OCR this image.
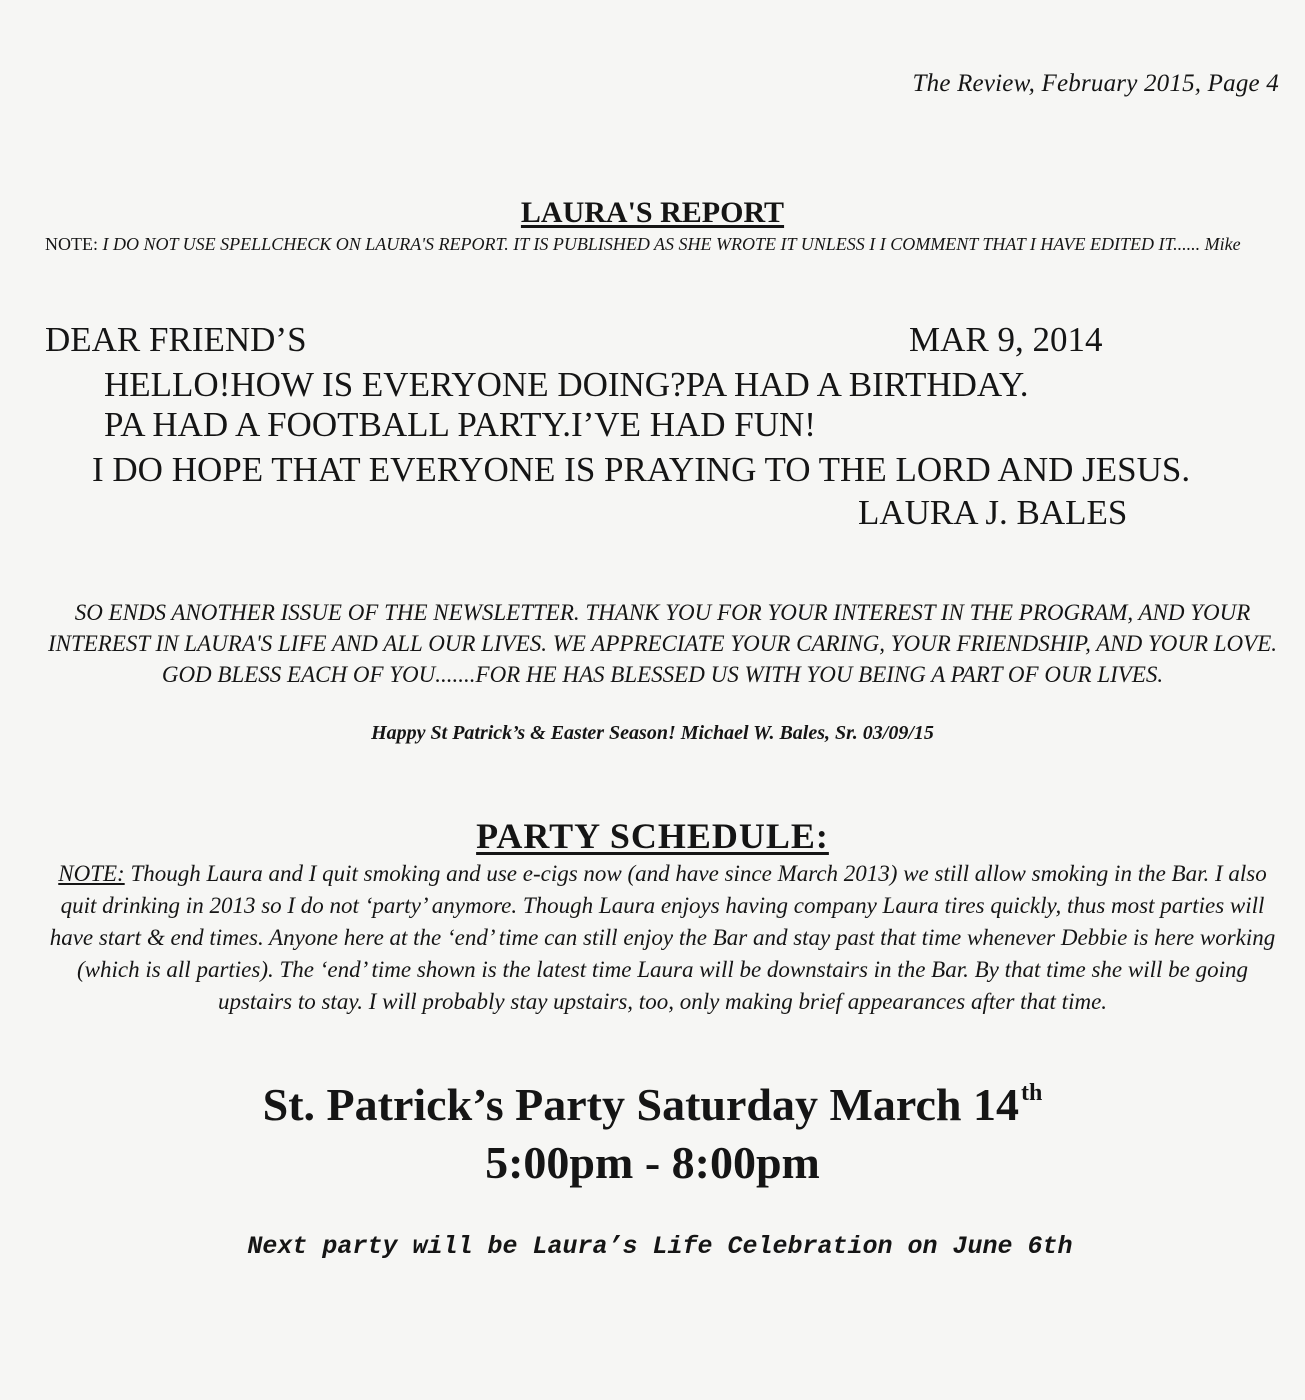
The Review, February 2015, Page 4
LAURA'S REPORT
NOTE: I DO NOT USE SPELLCHECK ON LAURA'S REPORT. IT IS PUBLISHED AS SHE WROTE IT UNLESS I I COMMENT THAT I HAVE EDITED IT...... Mike
DEAR FRIEND’S	MAR 9, 2014
HELLO!HOW IS EVERYONE DOING?PA HAD A BIRTHDAY.
PA HAD A FOOTBALL PARTY.I’VE HAD FUN!
I DO HOPE THAT EVERYONE IS PRAYING TO THE LORD AND JESUS.
LAURA J. BALES
SO ENDS ANOTHER ISSUE OF THE NEWSLETTER. THANK YOU FOR YOUR INTEREST IN THE PROGRAM, AND YOUR INTEREST IN LAURA'S LIFE AND ALL OUR LIVES. WE APPRECIATE YOUR CARING, YOUR FRIENDSHIP, AND YOUR LOVE. GOD BLESS EACH OF YOU.......FOR HE HAS BLESSED US WITH YOU BEING A PART OF OUR LIVES.
Happy St Patrick’s & Easter Season! Michael W. Bales, Sr. 03/09/15
PARTY SCHEDULE:
NOTE: Though Laura and I quit smoking and use e-cigs now (and have since March 2013) we still allow smoking in the Bar. I also quit drinking in 2013 so I do not ‘party’ anymore. Though Laura enjoys having company Laura tires quickly, thus most parties will have start & end times. Anyone here at the ‘end’ time can still enjoy the Bar and stay past that time whenever Debbie is here working (which is all parties). The ‘end’ time shown is the latest time Laura will be downstairs in the Bar. By that time she will be going upstairs to stay. I will probably stay upstairs, too, only making brief appearances after that time.
St. Patrick’s Party Saturday March 14th
5:00pm - 8:00pm
Next party will be Laura’s Life Celebration on June 6th
